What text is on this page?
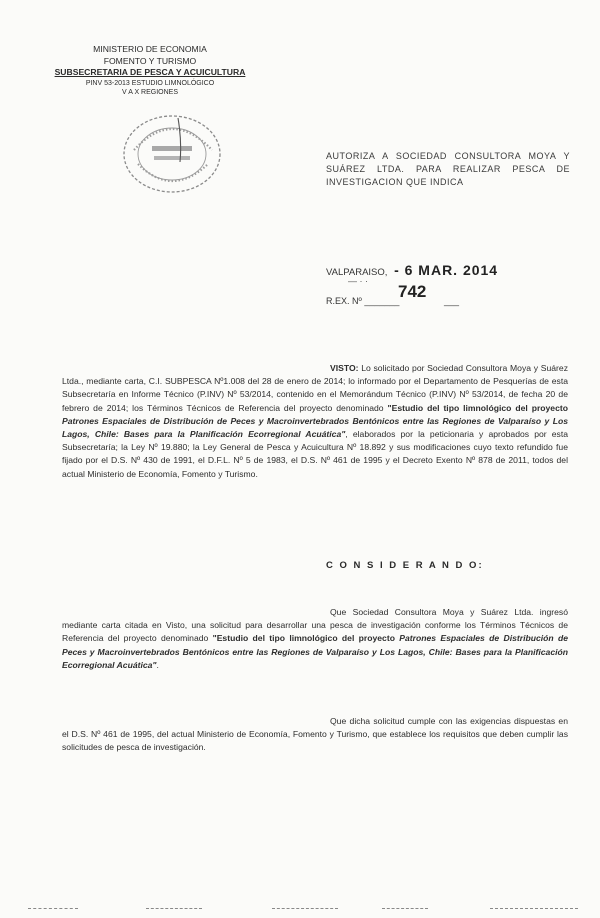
MINISTERIO DE ECONOMIA
FOMENTO Y TURISMO
SUBSECRETARIA DE PESCA Y ACUICULTURA
PINV 53-2013 ESTUDIO LIMNOLÓGICO
V A X REGIONES
AUTORIZA A SOCIEDAD CONSULTORA MOYA Y SUÁREZ LTDA. PARA REALIZAR PESCA DE INVESTIGACION QUE INDICA
VALPARAISO, - 6 MAR. 2014
— · ·
R.EX. Nº _______
742 ___
VISTO: Lo solicitado por Sociedad Consultora Moya y Suárez Ltda., mediante carta, C.I. SUBPESCA Nº1.008 del 28 de enero de 2014; lo informado por el Departamento de Pesquerías de esta Subsecretaría en Informe Técnico (P.INV) Nº 53/2014, contenido en el Memorándum Técnico (P.INV) Nº 53/2014, de fecha 20 de febrero de 2014; los Términos Técnicos de Referencia del proyecto denominado "Estudio del tipo limnológico del proyecto Patrones Espaciales de Distribución de Peces y Macroinvertebrados Bentónicos entre las Regiones de Valparaíso y Los Lagos, Chile: Bases para la Planificación Ecorregional Acuática", elaborados por la peticionaria y aprobados por esta Subsecretaría; la Ley Nº 19.880; la Ley General de Pesca y Acuicultura Nº 18.892 y sus modificaciones cuyo texto refundido fue fijado por el D.S. Nº 430 de 1991, el D.F.L. Nº 5 de 1983, el D.S. Nº 461 de 1995 y el Decreto Exento Nº 878 de 2011, todos del actual Ministerio de Economía, Fomento y Turismo.
C O N S I D E R A N D O:
Que Sociedad Consultora Moya y Suárez Ltda. ingresó mediante carta citada en Visto, una solicitud para desarrollar una pesca de investigación conforme los Términos Técnicos de Referencia del proyecto denominado "Estudio del tipo limnológico del proyecto Patrones Espaciales de Distribución de Peces y Macroinvertebrados Bentónicos entre las Regiones de Valparaíso y Los Lagos, Chile: Bases para la Planificación Ecorregional Acuática".
Que dicha solicitud cumple con las exigencias dispuestas en el D.S. Nº 461 de 1995, del actual Ministerio de Economía, Fomento y Turismo, que establece los requisitos que deben cumplir las solicitudes de pesca de investigación.
